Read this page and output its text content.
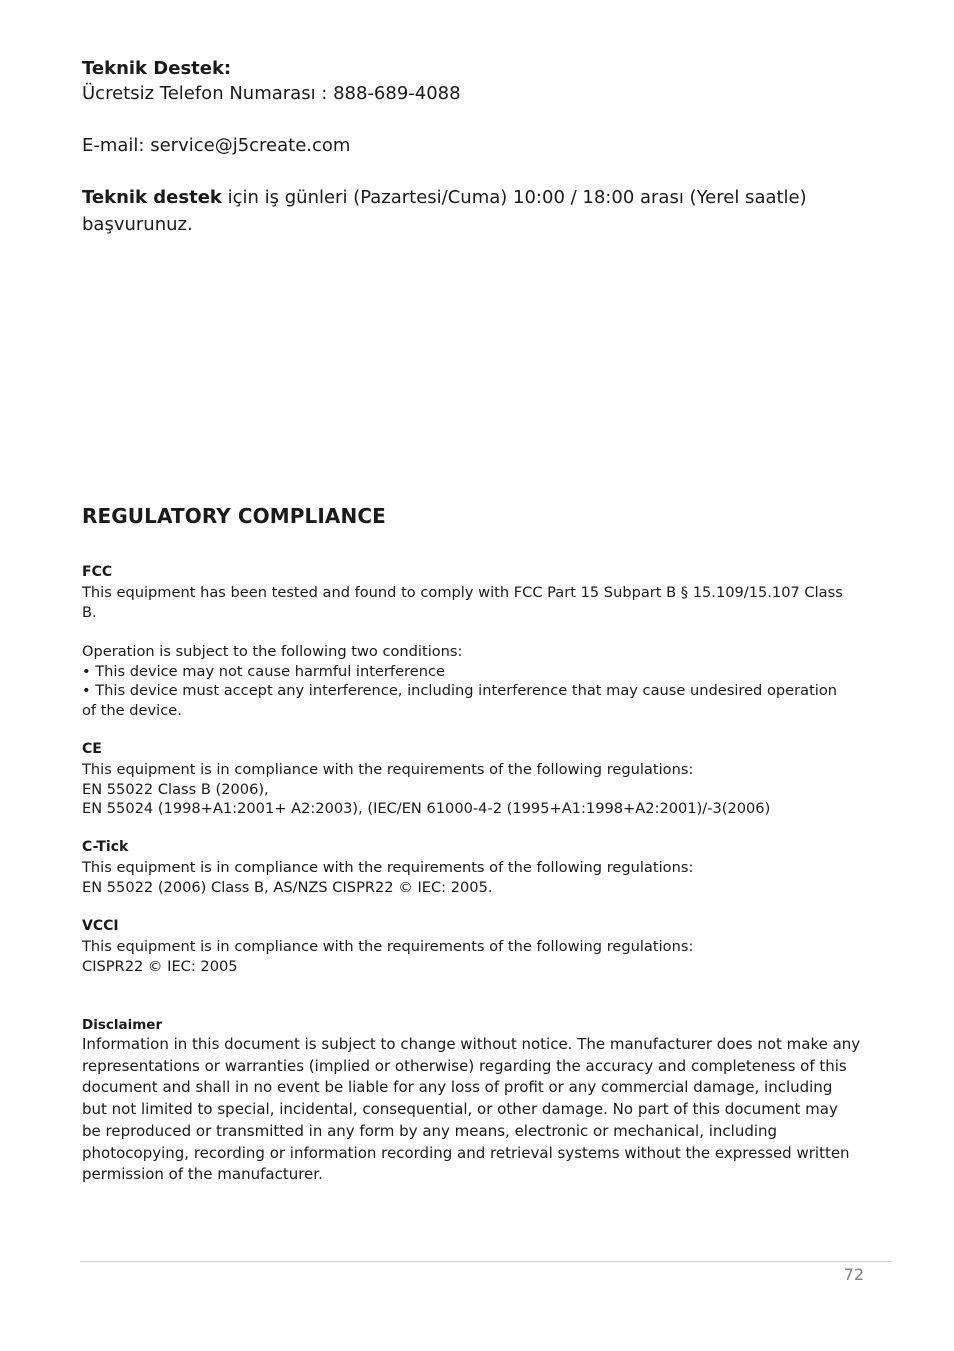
Teknik Destek:
Ücretsiz Telefon Numarası : 888-689-4088
E-mail: service@j5create.com
Teknik destek için iş günleri (Pazartesi/Cuma) 10:00 / 18:00 arası (Yerel saatle)
başvurunuz.
REGULATORY COMPLIANCE
FCC
This equipment has been tested and found to comply with FCC Part 15 Subpart B § 15.109/15.107 Class
B.
Operation is subject to the following two conditions:
• This device may not cause harmful interference
• This device must accept any interference, including interference that may cause undesired operation
of the device.
CE
This equipment is in compliance with the requirements of the following regulations:
EN 55022 Class B (2006),
EN 55024 (1998+A1:2001+ A2:2003), (IEC/EN 61000-4-2 (1995+A1:1998+A2:2001)/-3(2006)
C-Tick
This equipment is in compliance with the requirements of the following regulations:
EN 55022 (2006) Class B, AS/NZS CISPR22 © IEC: 2005.
VCCI
This equipment is in compliance with the requirements of the following regulations:
CISPR22 © IEC: 2005
Disclaimer
Information in this document is subject to change without notice. The manufacturer does not make any
representations or warranties (implied or otherwise) regarding the accuracy and completeness of this
document and shall in no event be liable for any loss of profit or any commercial damage, including
but not limited to special, incidental, consequential, or other damage. No part of this document may
be reproduced or transmitted in any form by any means, electronic or mechanical, including
photocopying, recording or information recording and retrieval systems without the expressed written
permission of the manufacturer.
72
